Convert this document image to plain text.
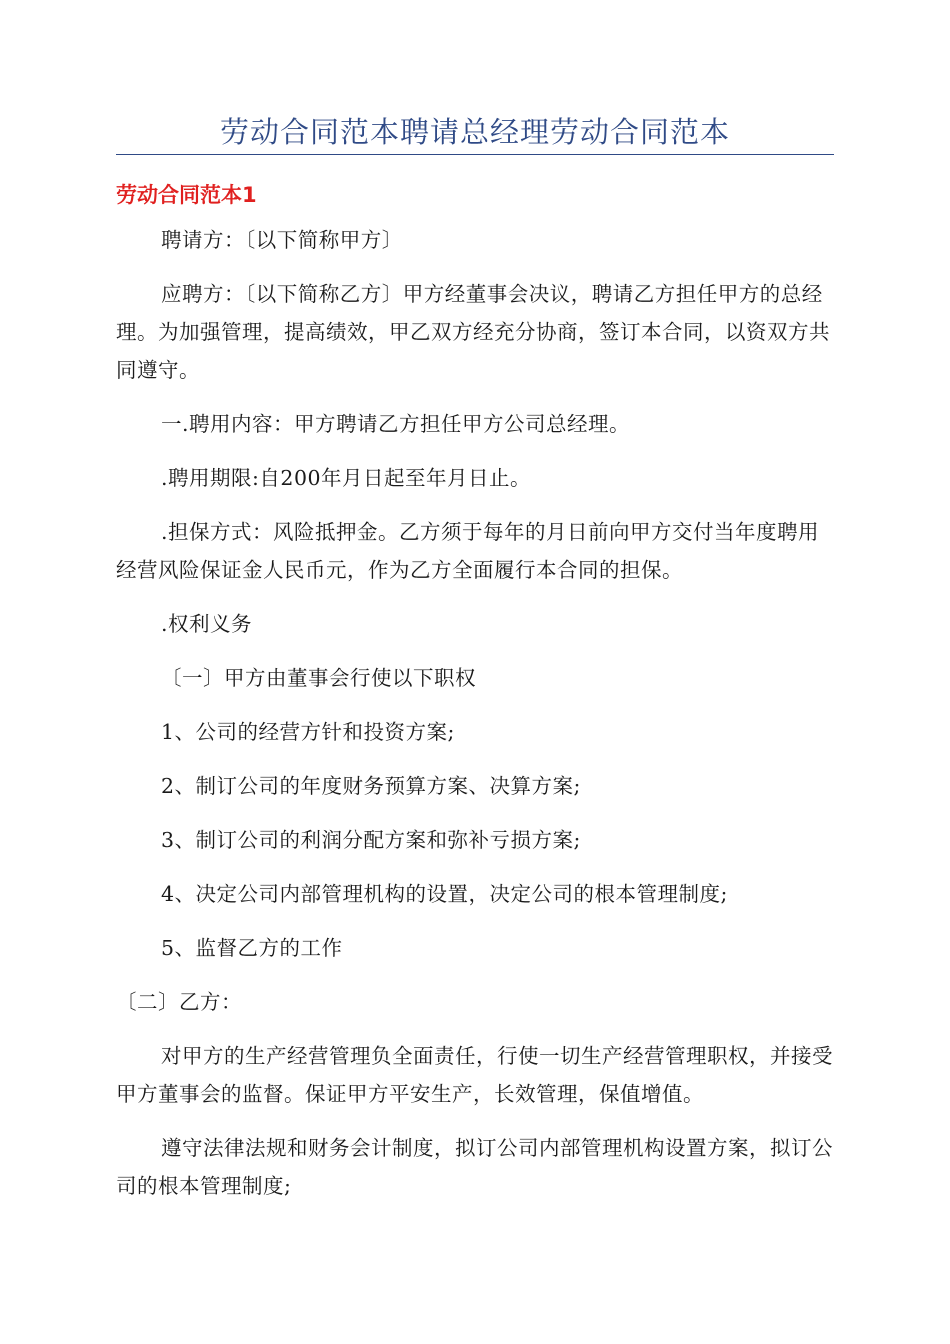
劳动合同范本聘请总经理劳动合同范本
劳动合同范本1

聘请方：〔以下简称甲方〕

应聘方：〔以下简称乙方〕甲方经董事会决议，聘请乙方担任甲方的总经理。为加强管理，提高绩效，甲乙双方经充分协商，签订本合同，以资双方共同遵守。

一.聘用内容：甲方聘请乙方担任甲方公司总经理。

.聘用期限:自200年月日起至年月日止。

.担保方式：风险抵押金。乙方须于每年的月日前向甲方交付当年度聘用经营风险保证金人民币元，作为乙方全面履行本合同的担保。

.权利义务

〔一〕甲方由董事会行使以下职权

1、公司的经营方针和投资方案;

2、制订公司的年度财务预算方案、决算方案;

3、制订公司的利润分配方案和弥补亏损方案;

4、决定公司内部管理机构的设置，决定公司的根本管理制度;

5、监督乙方的工作

〔二〕乙方：

对甲方的生产经营管理负全面责任，行使一切生产经营管理职权，并接受甲方董事会的监督。保证甲方平安生产，长效管理，保值增值。

遵守法律法规和财务会计制度，拟订公司内部管理机构设置方案，拟订公司的根本管理制度;
